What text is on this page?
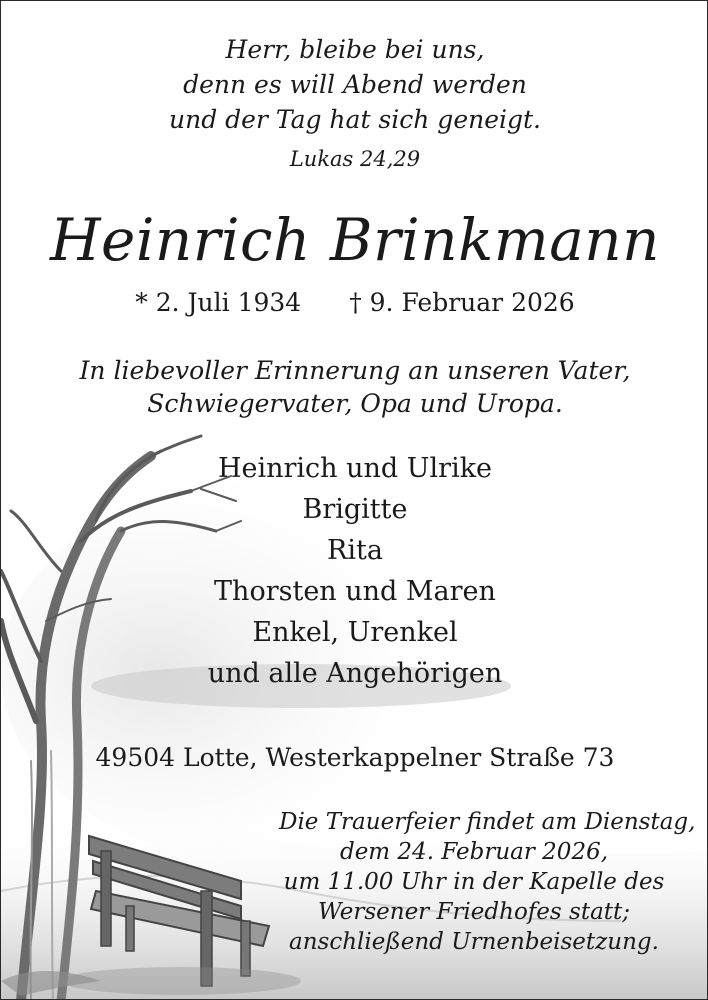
Herr, bleibe bei uns,
denn es will Abend werden
und der Tag hat sich geneigt.
Lukas 24,29
Heinrich Brinkmann
* 2. Juli 1934 † 9. Februar 2026
In liebevoller Erinnerung an unseren Vater,
Schwiegervater, Opa und Uropa.
Heinrich und Ulrike
Brigitte
Rita
Thorsten und Maren
Enkel, Urenkel
und alle Angehörigen
49504 Lotte, Westerkappelner Straße 73
Die Trauerfeier findet am Dienstag,
dem 24. Februar 2026,
um 11.00 Uhr in der Kapelle des
Wersener Friedhofes statt;
anschließend Urnenbeisetzung.
